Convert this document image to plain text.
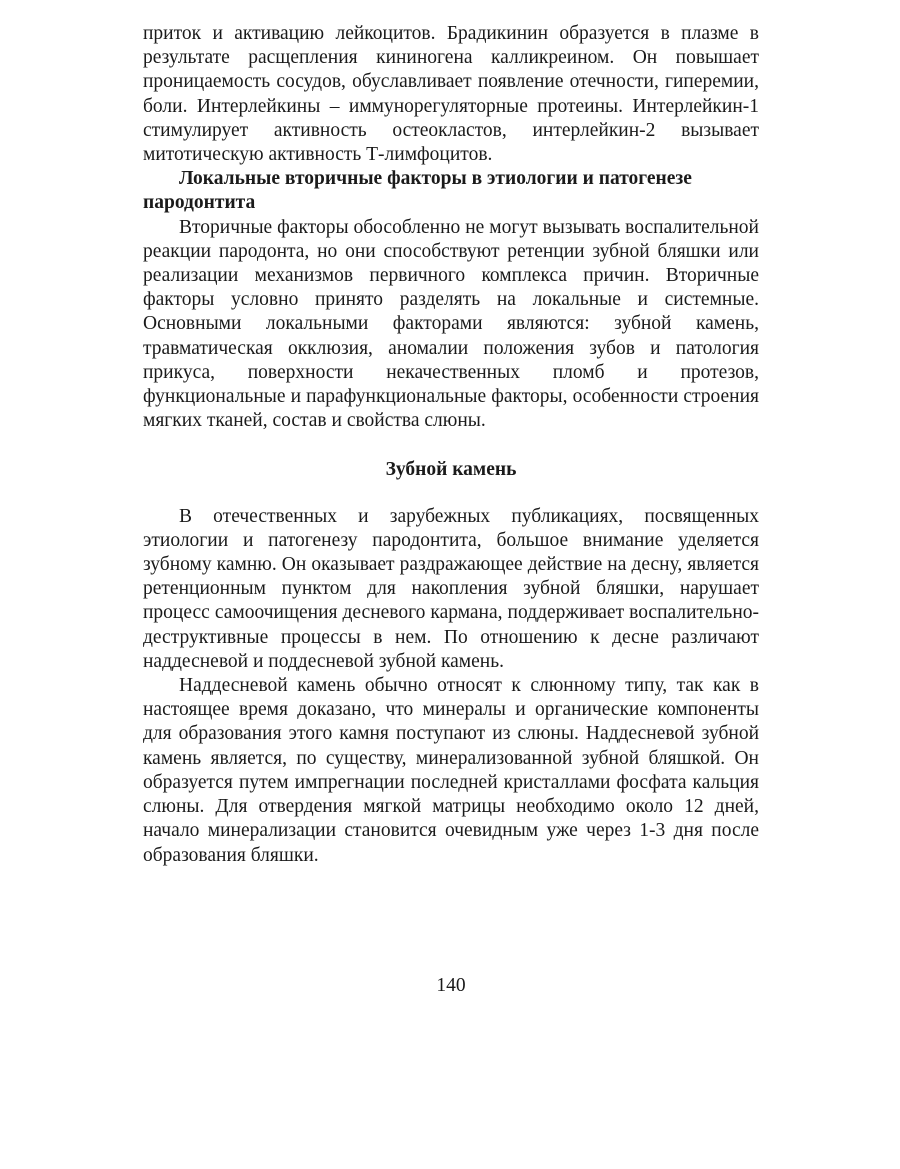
приток и активацию лейкоцитов. Брадикинин образуется в плазме в результате расщепления кининогена калликреином. Он повышает проницаемость сосудов, обуславливает появление отечности, гиперемии, боли. Интерлейкины – иммунорегуляторные протеины. Интерлейкин-1 стимулирует активность остеокластов, интерлейкин-2 вызывает митотическую активность Т-лимфоцитов.

Локальные вторичные факторы в этиологии и патогенезе пародонтита

Вторичные факторы обособленно не могут вызывать воспалительной реакции пародонта, но они способствуют ретенции зубной бляшки или реализации механизмов первичного комплекса причин. Вторичные факторы условно принято разделять на локальные и системные. Основными локальными факторами являются: зубной камень, травматическая окклюзия, аномалии положения зубов и патология прикуса, поверхности некачественных пломб и протезов, функциональные и парафункциональные факторы, особенности строения мягких тканей, состав и свойства слюны.

Зубной камень

В отечественных и зарубежных публикациях, посвященных этиологии и патогенезу пародонтита, большое внимание уделяется зубному камню. Он оказывает раздражающее действие на десну, является ретенционным пунктом для накопления зубной бляшки, нарушает процесс самоочищения десневого кармана, поддерживает воспалительно-деструктивные процессы в нем. По отношению к десне различают наддесневой и поддесневой зубной камень.

Наддесневой камень обычно относят к слюнному типу, так как в настоящее время доказано, что минералы и органические компоненты для образования этого камня поступают из слюны. Наддесневой зубной камень является, по существу, минерализованной зубной бляшкой. Он образуется путем импрегнации последней кристаллами фосфата кальция слюны. Для отвердения мягкой матрицы необходимо около 12 дней, начало минерализации становится очевидным уже через 1-3 дня после образования бляшки.

140
